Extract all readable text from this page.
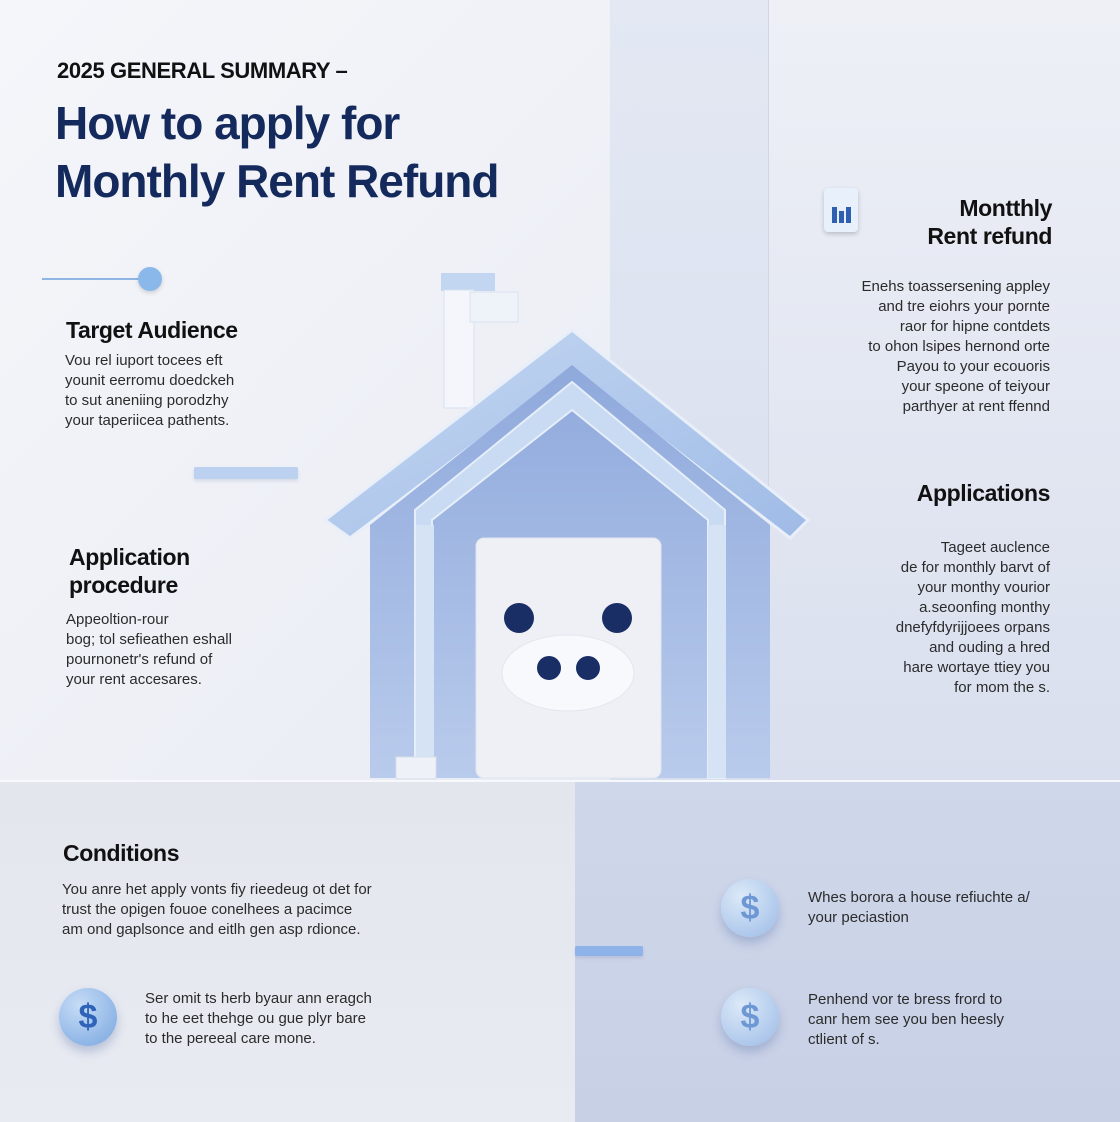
2025 GENERAL SUMMARY –
How to apply for
Monthly Rent Refund
Target Audience
Vou rel iuport tocees eft
younit eerromu doedckeh
to sut aneniing porodzhy
your taperiicea pathents.
Application
procedure
Appeoltion-rour
bog; tol sefieathen eshall
pournonetr's refund of
your rent accesares.
Montthly
Rent refund
Enehs toassersening appley
and tre eiohrs your pornte
raor for hipne contdets
to ohon lsipes hernond orte
Payou to your ecouoris
your speone of teiyour
parthyer at rent ffennd
Applications
Tageet auclence
de for monthly barvt of
your monthy vourior
a.seoonfing monthy
dnefyfdyrijjoees orpans
and ouding a hred
hare wortaye ttiey you
for mom the s.
Conditions
You anre het apply vonts fiy rieedeug ot det for
trust the opigen fouoe conelhees a pacimce
am ond gaplsonce and eitlh gen asp rdionce.
$	Ser omit ts herb byaur ann eragch
to he eet thehge ou gue plyr bare
to the pereeal care mone.
$	Whes borora a house refiuchte a/
your peciastion
$	Penhend vor te bress frord to
canr hem see you ben heesly
ctlient of s.
